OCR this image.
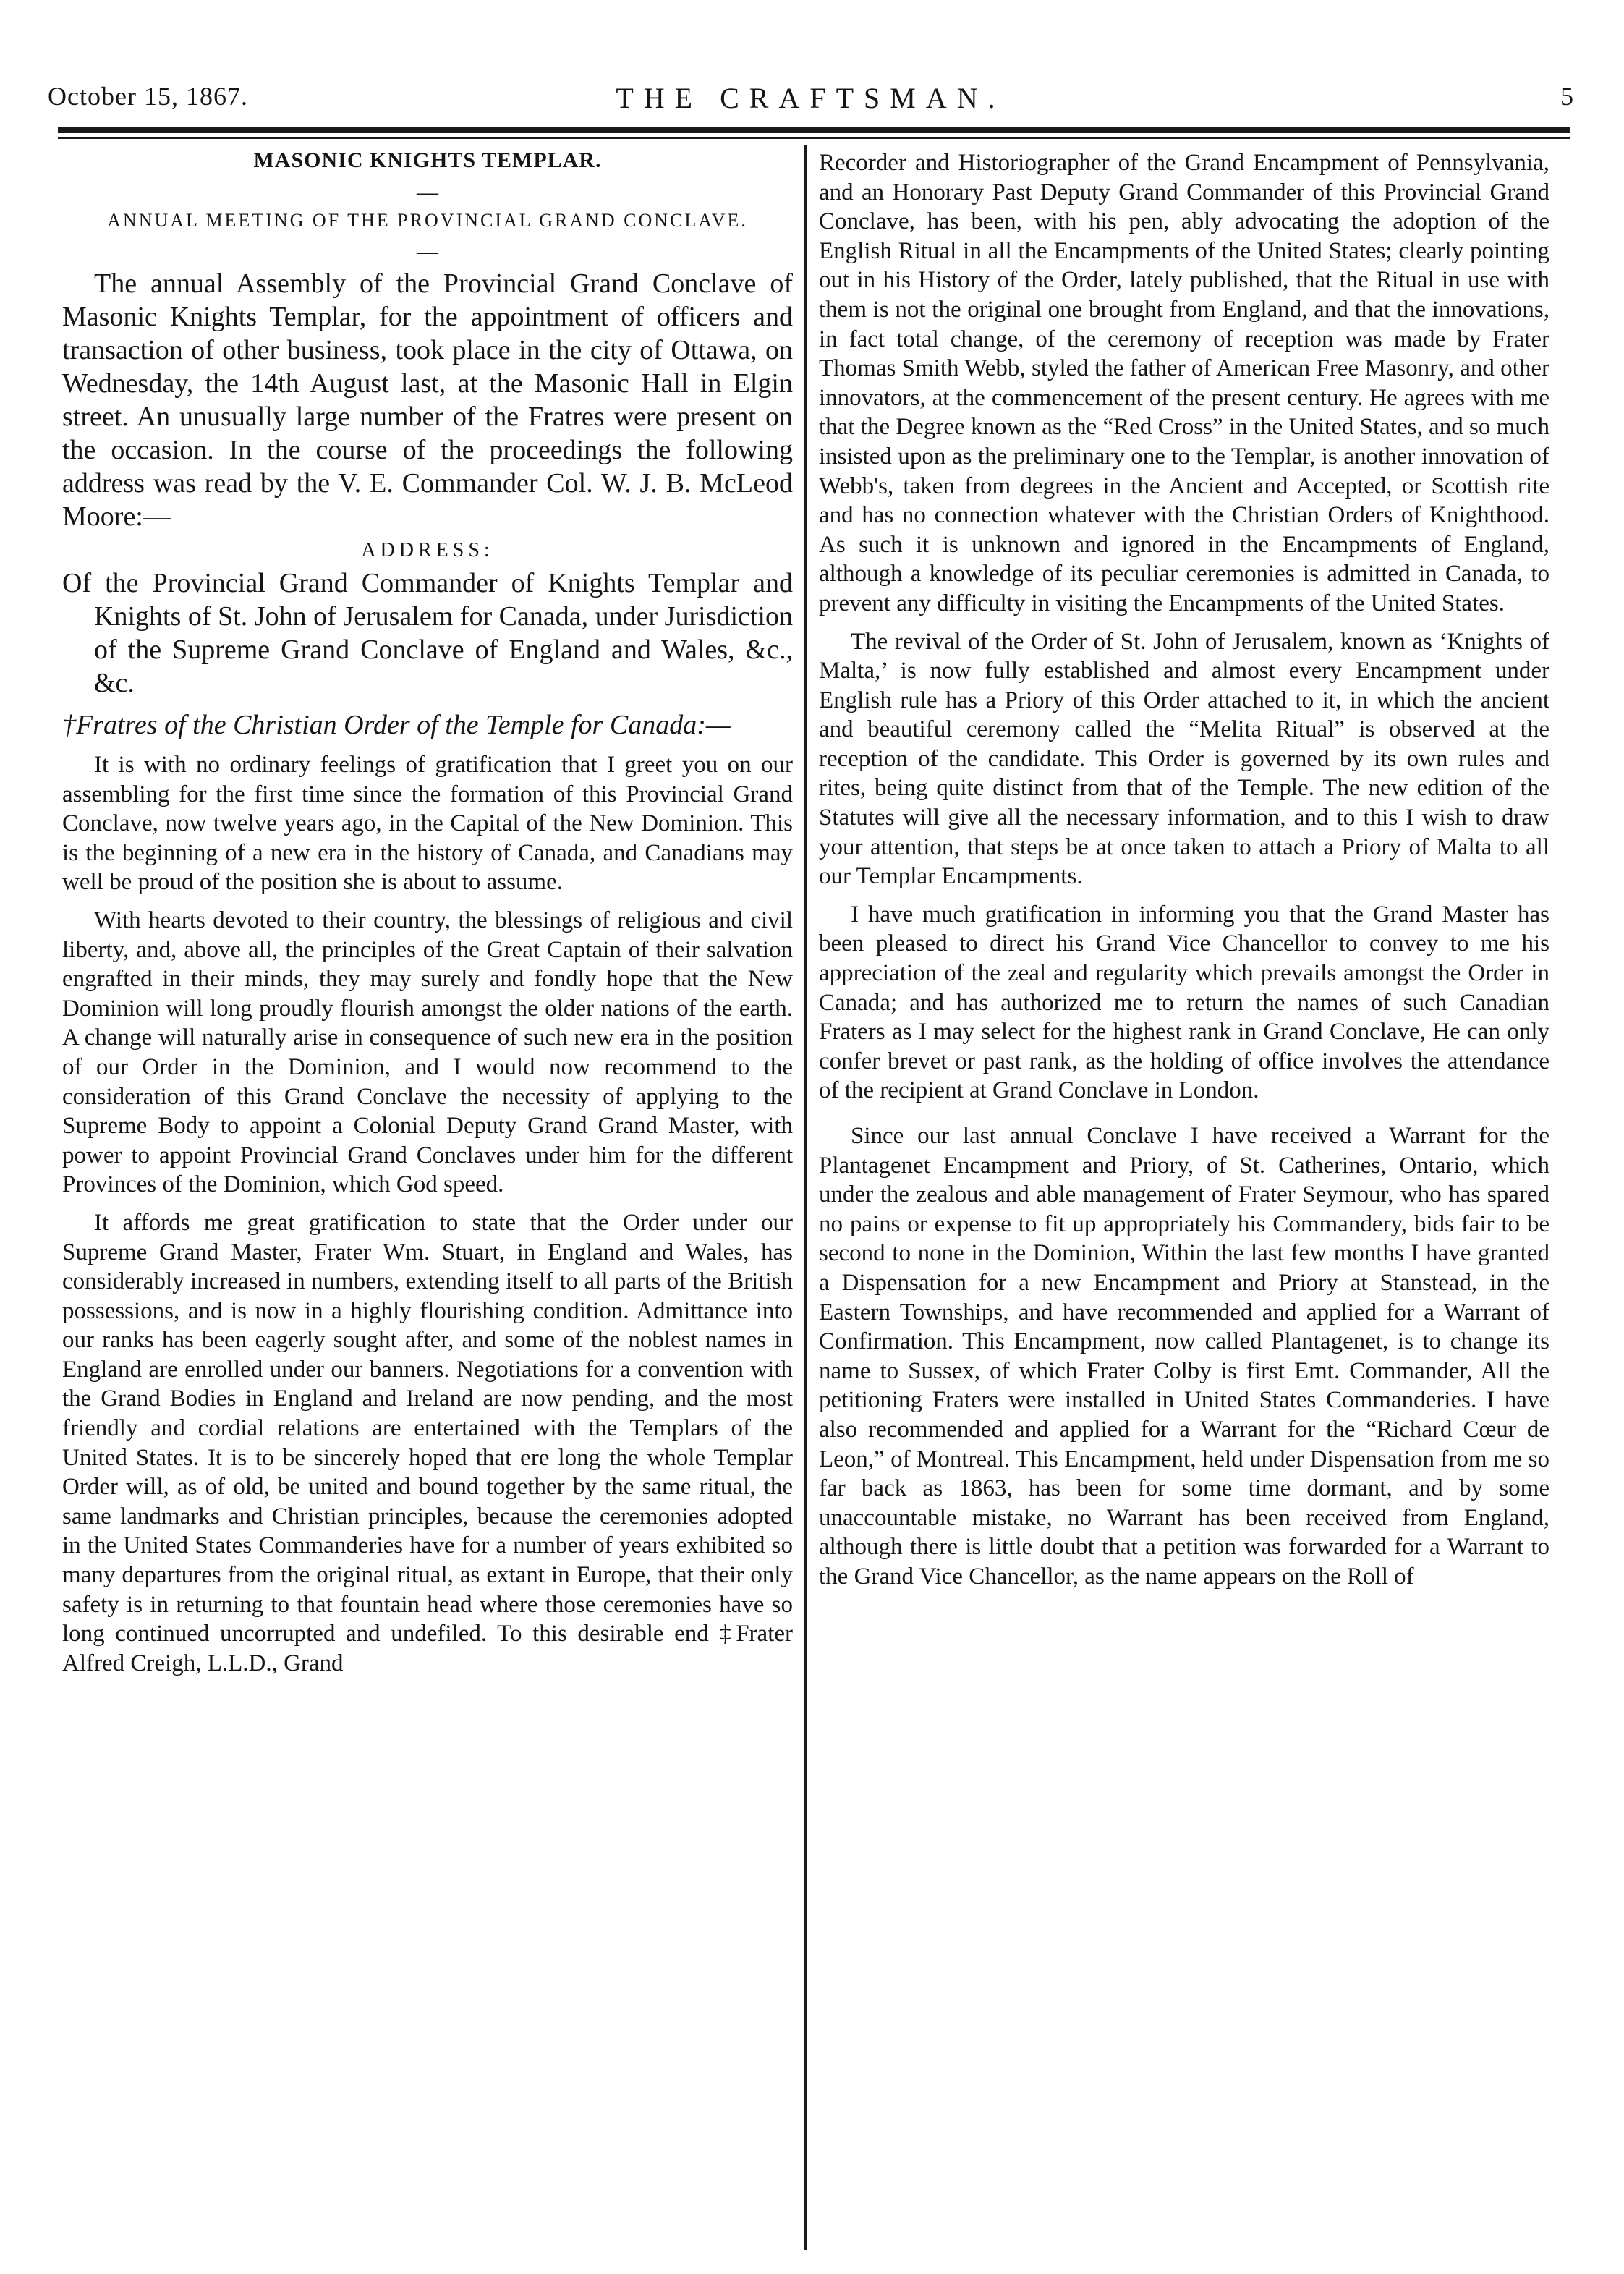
October 15, 1867.	THE CRAFTSMAN.	5

MASONIC KNIGHTS TEMPLAR.

—

ANNUAL MEETING OF THE PROVINCIAL GRAND CONCLAVE.

—

The annual Assembly of the Provincial Grand Conclave of Masonic Knights Templar, for the appointment of officers and transaction of other business, took place in the city of Ottawa, on Wednesday, the 14th August last, at the Masonic Hall in Elgin street. An unusually large number of the Fratres were present on the occasion. In the course of the proceedings the following address was read by the V. E. Commander Col. W. J. B. McLeod Moore:—

ADDRESS:

Of the Provincial Grand Commander of Knights Templar and Knights of St. John of Jerusalem for Canada, under Jurisdiction of the Supreme Grand Conclave of England and Wales, &c., &c.

†Fratres of the Christian Order of the Temple for Canada:—

It is with no ordinary feelings of gratification that I greet you on our assembling for the first time since the formation of this Provincial Grand Conclave, now twelve years ago, in the Capital of the New Dominion. This is the beginning of a new era in the history of Canada, and Canadians may well be proud of the position she is about to assume.

With hearts devoted to their country, the blessings of religious and civil liberty, and, above all, the principles of the Great Captain of their salvation engrafted in their minds, they may surely and fondly hope that the New Dominion will long proudly flourish amongst the older nations of the earth. A change will naturally arise in consequence of such new era in the position of our Order in the Dominion, and I would now recommend to the consideration of this Grand Conclave the necessity of applying to the Supreme Body to appoint a Colonial Deputy Grand Grand Master, with power to appoint Provincial Grand Conclaves under him for the different Provinces of the Dominion, which God speed.

It affords me great gratification to state that the Order under our Supreme Grand Master, Frater Wm. Stuart, in England and Wales, has considerably increased in numbers, extending itself to all parts of the British possessions, and is now in a highly flourishing condition. Admittance into our ranks has been eagerly sought after, and some of the noblest names in England are enrolled under our banners. Negotiations for a convention with the Grand Bodies in England and Ireland are now pending, and the most friendly and cordial relations are entertained with the Templars of the United States. It is to be sincerely hoped that ere long the whole Templar Order will, as of old, be united and bound together by the same ritual, the same landmarks and Christian principles, because the ceremonies adopted in the United States Commanderies have for a number of years exhibited so many departures from the original ritual, as extant in Europe, that their only safety is in returning to that fountain head where those ceremonies have so long continued uncorrupted and undefiled. To this desirable end ‡Frater Alfred Creigh, L.L.D., Grand

Recorder and Historiographer of the Grand Encampment of Pennsylvania, and an Honorary Past Deputy Grand Commander of this Provincial Grand Conclave, has been, with his pen, ably advocating the adoption of the English Ritual in all the Encampments of the United States; clearly pointing out in his History of the Order, lately published, that the Ritual in use with them is not the original one brought from England, and that the innovations, in fact total change, of the ceremony of reception was made by Frater Thomas Smith Webb, styled the father of American Free Masonry, and other innovators, at the commencement of the present century. He agrees with me that the Degree known as the “Red Cross” in the United States, and so much insisted upon as the preliminary one to the Templar, is another innovation of Webb's, taken from degrees in the Ancient and Accepted, or Scottish rite and has no connection whatever with the Christian Orders of Knighthood. As such it is unknown and ignored in the Encampments of England, although a knowledge of its peculiar ceremonies is admitted in Canada, to prevent any difficulty in visiting the Encampments of the United States.

The revival of the Order of St. John of Jerusalem, known as ‘Knights of Malta,’ is now fully established and almost every Encampment under English rule has a Priory of this Order attached to it, in which the ancient and beautiful ceremony called the “Melita Ritual” is observed at the reception of the candidate. This Order is governed by its own rules and rites, being quite distinct from that of the Temple. The new edition of the Statutes will give all the necessary information, and to this I wish to draw your attention, that steps be at once taken to attach a Priory of Malta to all our Templar Encampments.

I have much gratification in informing you that the Grand Master has been pleased to direct his Grand Vice Chancellor to convey to me his appreciation of the zeal and regularity which prevails amongst the Order in Canada; and has authorized me to return the names of such Canadian Fraters as I may select for the highest rank in Grand Conclave, He can only confer brevet or past rank, as the holding of office involves the attendance of the recipient at Grand Conclave in London.

Since our last annual Conclave I have received a Warrant for the Plantagenet Encampment and Priory, of St. Catherines, Ontario, which under the zealous and able management of Frater Seymour, who has spared no pains or expense to fit up appropriately his Commandery, bids fair to be second to none in the Dominion, Within the last few months I have granted a Dispensation for a new Encampment and Priory at Stanstead, in the Eastern Townships, and have recommended and applied for a Warrant of Confirmation. This Encampment, now called Plantagenet, is to change its name to Sussex, of which Frater Colby is first Emt. Commander, All the petitioning Fraters were installed in United States Commanderies. I have also recommended and applied for a Warrant for the “Richard Cœur de Leon,” of Montreal. This Encampment, held under Dispensation from me so far back as 1863, has been for some time dormant, and by some unaccountable mistake, no Warrant has been received from England, although there is little doubt that a petition was forwarded for a Warrant to the Grand Vice Chancellor, as the name appears on the Roll of
